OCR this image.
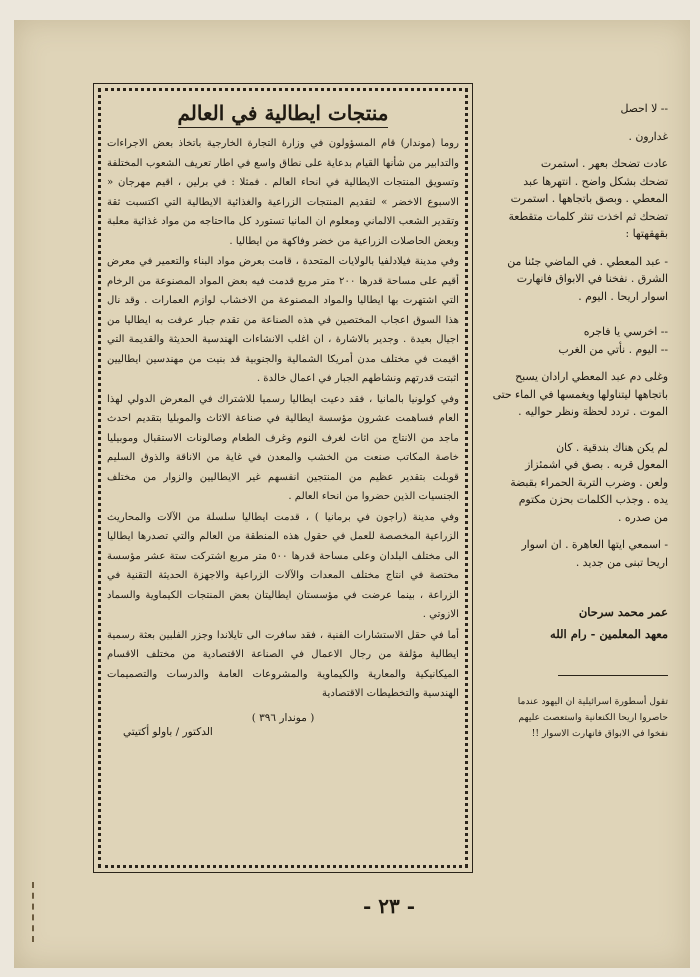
منتجات ايطالية في العالم

روما (موندار) قام المسؤولون في وزارة التجارة الخارجية باتخاذ بعض الاجراءات والتدابير من شأنها القيام بدعاية على نطاق واسع في اطار تعريف الشعوب المختلفة وتسويق المنتجات الايطالية في انحاء العالم . فمثلا : في برلين ، اقيم مهرجان « الاسبوع الاخضر » لتقديم المنتجات الزراعية والغذائية الايطالية التي اكتسبت ثقة وتقدير الشعب الالماني ومعلوم ان المانيا تستورد كل مااحتاجه من مواد غذائية معلبة وبعض الحاصلات الزراعية من خضر وفاكهة من ايطاليا .

وفي مدينة فيلادلفيا بالولايات المتحدة ، قامت بعرض مواد البناء والتعمير في معرض أقيم على مساحة قدرها ٢٠٠ متر مربع قدمت فيه بعض المواد المصنوعة من الرخام التي اشتهرت بها ايطاليا والمواد المصنوعة من الاخشاب لوازم العمارات . وقد نال هذا السوق اعجاب المختصين في هذه الصناعة من تقدم جبار عرفت به ايطاليا من اجيال بعيدة . وجدير بالاشارة ، ان اغلب الانشاءات الهندسية الحديثة والقديمة التي اقيمت في مختلف مدن أمريكا الشمالية والجنوبية قد بنيت من مهندسين ايطاليين اثبتت قدرتهم ونشاطهم الجبار في اعمال خالدة .

وفي كولونيا بالمانيا ، فقد دعيت ايطاليا رسميا للاشتراك في المعرض الدولي لهذا العام فساهمت عشرون مؤسسة ايطالية في صناعة الاثاث والموبليا بتقديم احدث ماجد من الانتاج من اثاث لغرف النوم وغرف الطعام وصالونات الاستقبال وموبيليا خاصة المكاتب صنعت من الخشب والمعدن في غاية من الاناقة والذوق السليم قوبلت بتقدير عظيم من المنتجين انفسهم غير الايطاليين والزوار من مختلف الجنسيات الذين حضروا من انحاء العالم .

وفي مدينة (راجون في برمانيا ) ، قدمت ايطاليا سلسلة من الآلات والمحاريث الزراعية المخصصة للعمل في حقول هذه المنطقة من العالم والتي تصدرها ايطاليا الى مختلف البلدان وعلى مساحة قدرها ٥٠٠ متر مربع اشتركت ستة عشر مؤسسة مختصة في انتاج مختلف المعدات والآلات الزراعية والاجهزة الحديثة التقنية في الزراعة ، بينما عرضت في مؤسستان ايطاليتان بعض المنتجات الكيماوية والسماد الازوتي .

أما في حقل الاستشارات الفنية ، فقد سافرت الى تايلاندا وجزر الفلبين بعثة رسمية ايطالية مؤلفة من رجال الاعمال في الصناعة الاقتصادية من مختلف الاقسام الميكانيكية والمعارية والكيماوية والمشروعات العامة والدرسات والتصميمات الهندسية والتخطيطات الاقتصادية

( موندار ٣٩٦ )
الدكتور / باولو أكتيتي

-- لا احصل

غدارون .

عادت تضحك بعهر . استمرت

تضحك بشكل واضح . انتهرها عبد

المعطي . وبصق باتجاهها . استمرت

تضحك ثم اخذت تنثر كلمات متقطعة

بقهقهتها :

- عبد المعطي . في الماضي جئنا من

الشرق . نفخنا في الابواق فانهارت

اسوار اريحا . اليوم .

-- اخرسي يا فاجره

-- اليوم . نأتي من الغرب

وغلى دم عبد المعطي ارادان يسبح

باتجاهها ليتناولها ويغمسها في الماء حتى

الموت . تردد لحظة ونظر حواليه .

لم يكن هناك بندقية . كان

المعول قربه . بصق في اشمئزاز

ولعن . وضرب التربة الحمراء بقبضة

يده . وجذب الكلمات بحزن مكتوم

من صدره .

- اسمعي ايتها العاهرة . ان اسوار

اريحا تبنى من جديد .

عمر محمد سرحان

معهد المعلمين - رام الله

تقول أسطورة اسرائيلية ان اليهود عندما

حاصروا اريحا الكنعانية واستعصت عليهم

نفخوا في الابواق فانهارت الاسوار !!

- ٢٣ -
